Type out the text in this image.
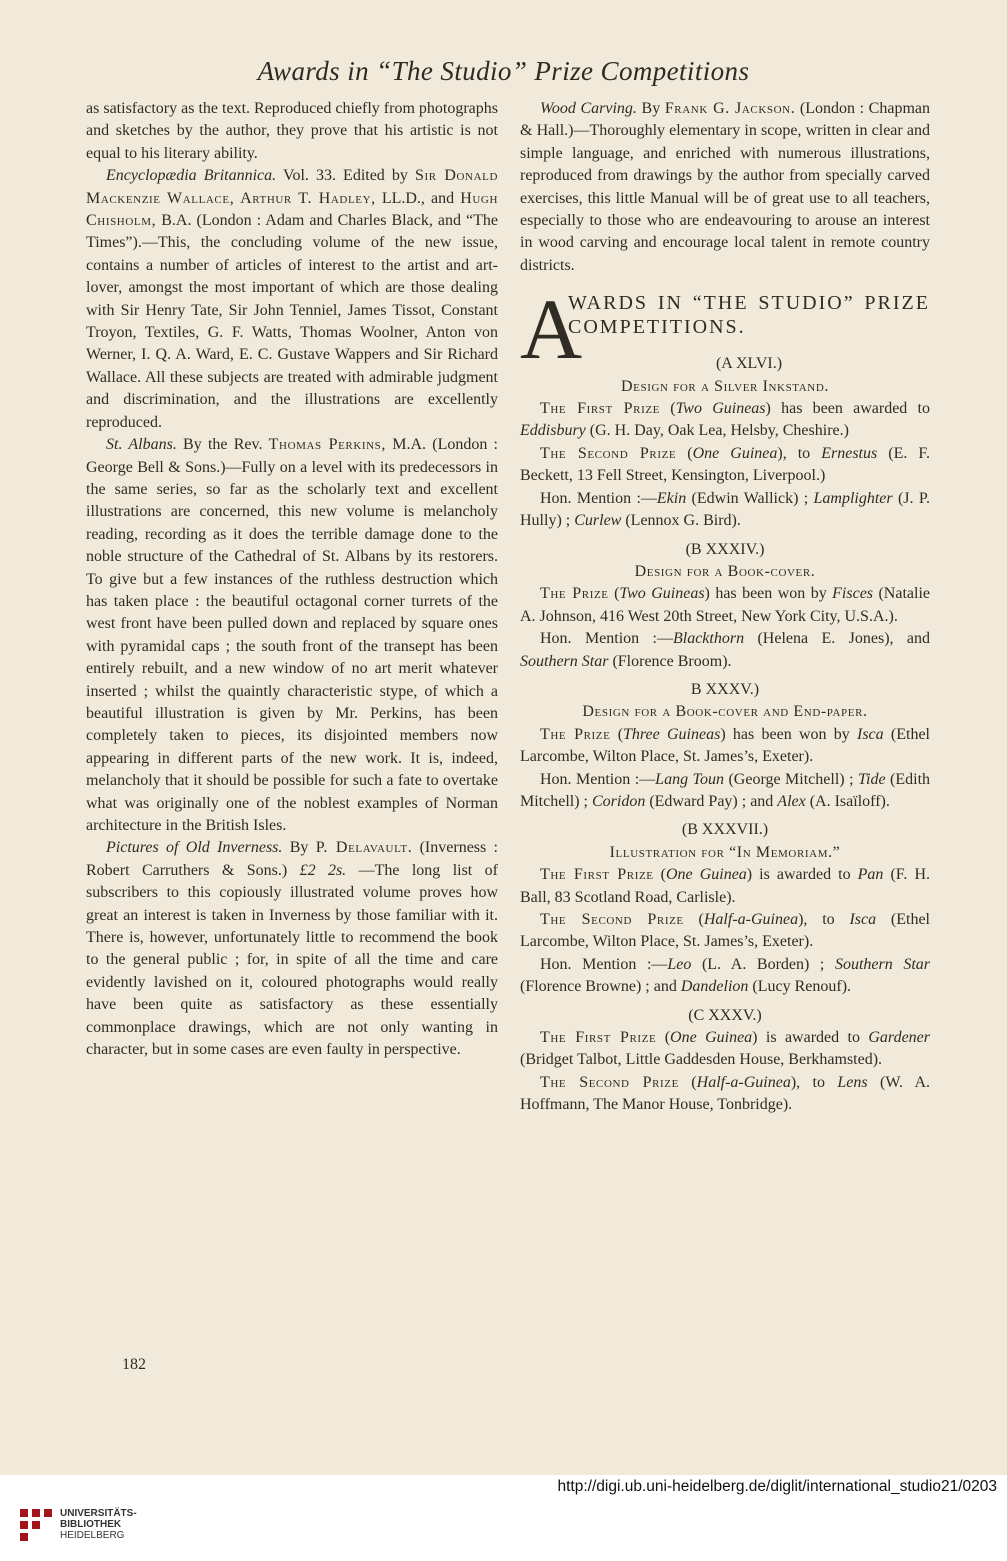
Awards in “The Studio” Prize Competitions

as satisfactory as the text. Reproduced chiefly from photographs and sketches by the author, they prove that his artistic is not equal to his literary ability.

Encyclopædia Britannica. Vol. 33. Edited by Sir Donald Mackenzie Wallace, Arthur T. Hadley, LL.D., and Hugh Chisholm, B.A. (London : Adam and Charles Black, and “The Times”).—This, the concluding volume of the new issue, contains a number of articles of interest to the artist and art-lover, amongst the most important of which are those dealing with Sir Henry Tate, Sir John Tenniel, James Tissot, Constant Troyon, Textiles, G. F. Watts, Thomas Woolner, Anton von Werner, I. Q. A. Ward, E. C. Gustave Wappers and Sir Richard Wallace. All these subjects are treated with admirable judgment and discrimination, and the illustrations are excellently reproduced.

St. Albans. By the Rev. Thomas Perkins, M.A. (London : George Bell & Sons.)—Fully on a level with its predecessors in the same series, so far as the scholarly text and excellent illustrations are concerned, this new volume is melancholy reading, recording as it does the terrible damage done to the noble structure of the Cathedral of St. Albans by its restorers. To give but a few instances of the ruthless destruction which has taken place : the beautiful octagonal corner turrets of the west front have been pulled down and replaced by square ones with pyramidal caps ; the south front of the transept has been entirely rebuilt, and a new window of no art merit whatever inserted ; whilst the quaintly characteristic stype, of which a beautiful illustration is given by Mr. Perkins, has been completely taken to pieces, its disjointed members now appearing in different parts of the new work. It is, indeed, melancholy that it should be possible for such a fate to overtake what was originally one of the noblest examples of Norman architecture in the British Isles.

Pictures of Old Inverness. By P. Delavault. (Inverness : Robert Carruthers & Sons.) £2 2s. —The long list of subscribers to this copiously illustrated volume proves how great an interest is taken in Inverness by those familiar with it. There is, however, unfortunately little to recommend the book to the general public ; for, in spite of all the time and care evidently lavished on it, coloured photographs would really have been quite as satisfactory as these essentially commonplace drawings, which are not only wanting in character, but in some cases are even faulty in perspective.

Wood Carving. By Frank G. Jackson. (London : Chapman & Hall.)—Thoroughly elementary in scope, written in clear and simple language, and enriched with numerous illustrations, reproduced from drawings by the author from specially carved exercises, this little Manual will be of great use to all teachers, especially to those who are endeavouring to arouse an interest in wood carving and encourage local talent in remote country districts.

A
WARDS IN “THE STUDIO” PRIZE COMPETITIONS.
(A XLVI.)

Design for a Silver Inkstand.

The First Prize (Two Guineas) has been awarded to Eddisbury (G. H. Day, Oak Lea, Helsby, Cheshire.)

The Second Prize (One Guinea), to Ernestus (E. F. Beckett, 13 Fell Street, Kensington, Liverpool.)

Hon. Mention :—Ekin (Edwin Wallick) ; Lamplighter (J. P. Hully) ; Curlew (Lennox G. Bird).

(B XXXIV.)

Design for a Book-cover.

The Prize (Two Guineas) has been won by Fisces (Natalie A. Johnson, 416 West 20th Street, New York City, U.S.A.).

Hon. Mention :—Blackthorn (Helena E. Jones), and Southern Star (Florence Broom).

B XXXV.)

Design for a Book-cover and End-paper.

The Prize (Three Guineas) has been won by Isca (Ethel Larcombe, Wilton Place, St. James’s, Exeter).

Hon. Mention :—Lang Toun (George Mitchell) ; Tide (Edith Mitchell) ; Coridon (Edward Pay) ; and Alex (A. Isaïloff).

(B XXXVII.)

Illustration for “In Memoriam.”

The First Prize (One Guinea) is awarded to Pan (F. H. Ball, 83 Scotland Road, Carlisle).

The Second Prize (Half-a-Guinea), to Isca (Ethel Larcombe, Wilton Place, St. James’s, Exeter).

Hon. Mention :—Leo (L. A. Borden) ; Southern Star (Florence Browne) ; and Dandelion (Lucy Renouf).

(C XXXV.)

The First Prize (One Guinea) is awarded to Gardener (Bridget Talbot, Little Gaddesden House, Berkhamsted).

The Second Prize (Half-a-Guinea), to Lens (W. A. Hoffmann, The Manor House, Tonbridge).

182
UNIVERSITÄTS-
BIBLIOTHEK
HEIDELBERG
http://digi.ub.uni-heidelberg.de/diglit/international_studio21/0203
